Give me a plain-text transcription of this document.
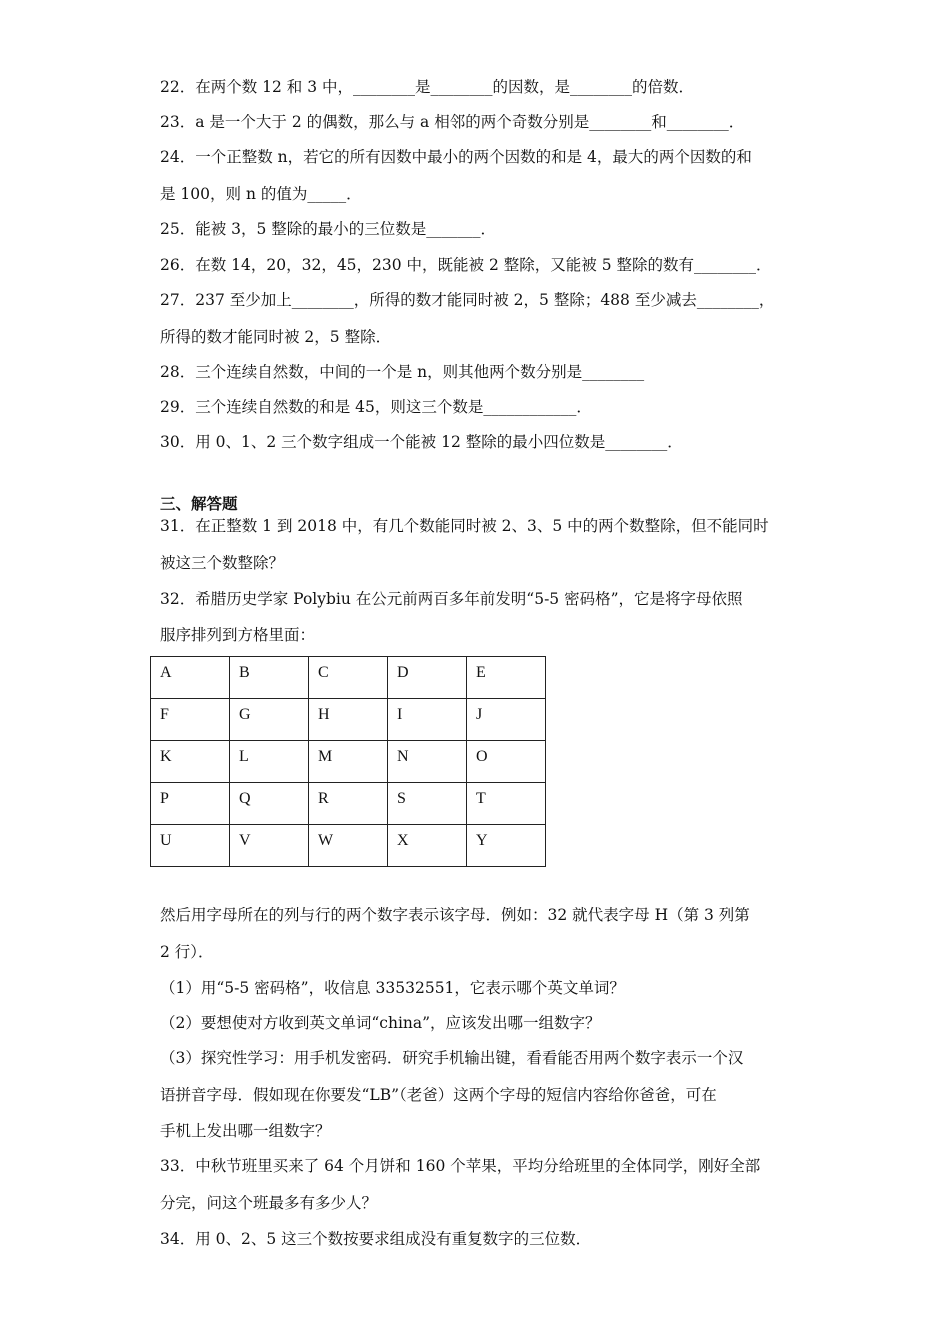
22．在两个数 12 和 3 中，________是________的因数，是________的倍数．
23．a 是一个大于 2 的偶数，那么与 a 相邻的两个奇数分别是________和________．
24．一个正整数 n，若它的所有因数中最小的两个因数的和是 4，最大的两个因数的和
是 100，则 n 的值为_____．
25．能被 3，5 整除的最小的三位数是_______．
26．在数 14，20，32，45，230 中，既能被 2 整除，又能被 5 整除的数有________．
27．237 至少加上________，所得的数才能同时被 2，5 整除；488 至少减去________，
所得的数才能同时被 2，5 整除．
28．三个连续自然数，中间的一个是 n，则其他两个数分别是________
29．三个连续自然数的和是 45，则这三个数是____________．
30．用 0、1、2 三个数字组成一个能被 12 整除的最小四位数是________．
三、解答题
31．在正整数 1 到 2018 中，有几个数能同时被 2、3、5 中的两个数整除，但不能同时
被这三个数整除？
32．希腊历史学家 Polybiu 在公元前两百多年前发明“5-5 密码格”，它是将字母依照
服序排列到方格里面：
A	B	C	D	E
F	G	H	I	J
K	L	M	N	O
P	Q	R	S	T
U	V	W	X	Y
然后用字母所在的列与行的两个数字表示该字母．例如：32 就代表字母 H（第 3 列第
2 行）．
（1）用“5-5 密码格”，收信息 33532551，它表示哪个英文单词？
（2）要想使对方收到英文单词“china”，应该发出哪一组数字？
（3）探究性学习：用手机发密码．研究手机输出键，看看能否用两个数字表示一个汉
语拼音字母．假如现在你要发“LB”（老爸）这两个字母的短信内容给你爸爸，可在
手机上发出哪一组数字？
33．中秋节班里买来了 64 个月饼和 160 个苹果，平均分给班里的全体同学，刚好全部
分完，问这个班最多有多少人？
34．用 0、2、5 这三个数按要求组成没有重复数字的三位数．
